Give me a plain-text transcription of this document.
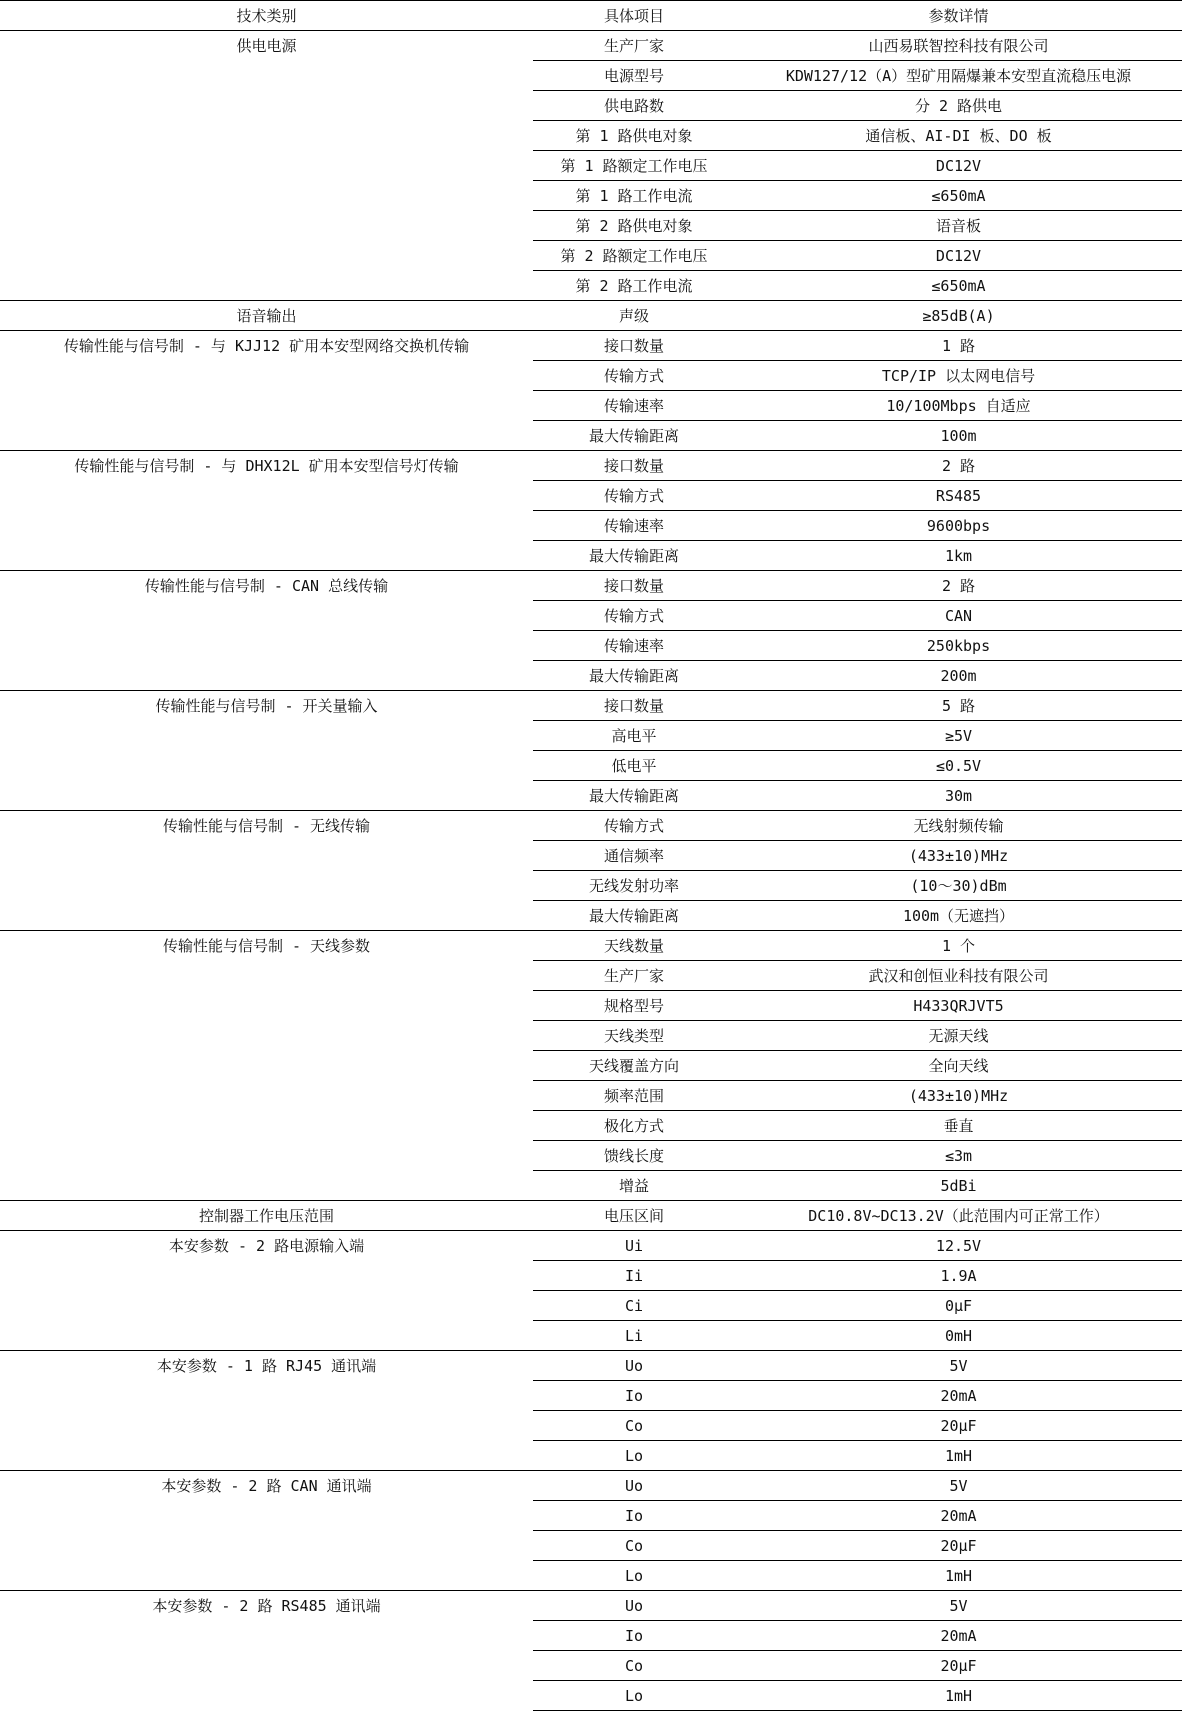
技术类别	具体项目	参数详情
供电电源	生产厂家	山西易联智控科技有限公司
	电源型号	KDW127/12（A）型矿用隔爆兼本安型直流稳压电源
	供电路数	分 2 路供电
	第 1 路供电对象	通信板、AI-DI 板、DO 板
	第 1 路额定工作电压	DC12V
	第 1 路工作电流	≤650mA
	第 2 路供电对象	语音板
	第 2 路额定工作电压	DC12V
	第 2 路工作电流	≤650mA
语音输出	声级	≥85dB(A)
传输性能与信号制 - 与 KJJ12 矿用本安型网络交换机传输	接口数量	1 路
	传输方式	TCP/IP 以太网电信号
	传输速率	10/100Mbps 自适应
	最大传输距离	100m
传输性能与信号制 - 与 DHX12L 矿用本安型信号灯传输	接口数量	2 路
	传输方式	RS485
	传输速率	9600bps
	最大传输距离	1km
传输性能与信号制 - CAN 总线传输	接口数量	2 路
	传输方式	CAN
	传输速率	250kbps
	最大传输距离	200m
传输性能与信号制 - 开关量输入	接口数量	5 路
	高电平	≥5V
	低电平	≤0.5V
	最大传输距离	30m
传输性能与信号制 - 无线传输	传输方式	无线射频传输
	通信频率	(433±10)MHz
	无线发射功率	(10～30)dBm
	最大传输距离	100m（无遮挡）
传输性能与信号制 - 天线参数	天线数量	1 个
	生产厂家	武汉和创恒业科技有限公司
	规格型号	H433QRJVT5
	天线类型	无源天线
	天线覆盖方向	全向天线
	频率范围	(433±10)MHz
	极化方式	垂直
	馈线长度	≤3m
	增益	5dBi
控制器工作电压范围	电压区间	DC10.8V~DC13.2V（此范围内可正常工作）
本安参数 - 2 路电源输入端	Ui	12.5V
	Ii	1.9A
	Ci	0μF
	Li	0mH
本安参数 - 1 路 RJ45 通讯端	Uo	5V
	Io	20mA
	Co	20μF
	Lo	1mH
本安参数 - 2 路 CAN 通讯端	Uo	5V
	Io	20mA
	Co	20μF
	Lo	1mH
本安参数 - 2 路 RS485 通讯端	Uo	5V
	Io	20mA
	Co	20μF
	Lo	1mH
